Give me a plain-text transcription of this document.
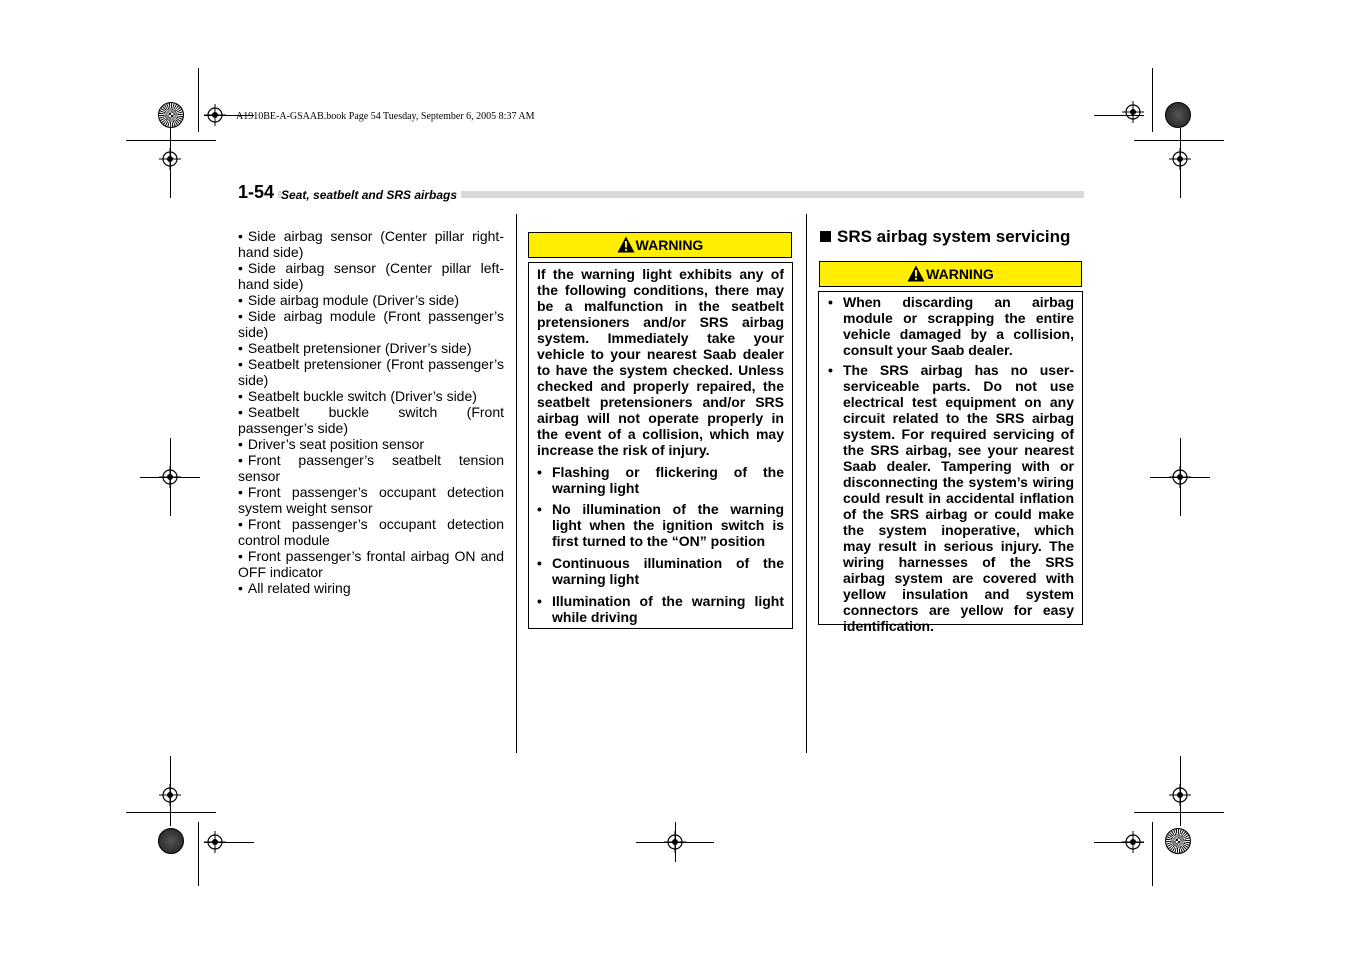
A1910BE-A-GSAAB.book Page 54 Tuesday, September 6, 2005 8:37 AM
1-54 Seat, seatbelt and SRS airbags
• Side airbag sensor (Center pillar right-hand side)
• Side airbag sensor (Center pillar left-hand side)
• Side airbag module (Driver’s side)
• Side airbag module (Front passenger’s side)
• Seatbelt pretensioner (Driver’s side)
• Seatbelt pretensioner (Front passenger’s side)
• Seatbelt buckle switch (Driver’s side)
• Seatbelt buckle switch (Front passenger’s side)
• Driver’s seat position sensor
• Front passenger’s seatbelt tension sensor
• Front passenger’s occupant detection system weight sensor
• Front passenger’s occupant detection control module
• Front passenger’s frontal airbag ON and OFF indicator
• All related wiring
WARNING

If the warning light exhibits any of the following conditions, there may be a malfunction in the seatbelt pretensioners and/or SRS airbag system. Immediately take your vehicle to your nearest Saab dealer to have the system checked. Unless checked and properly repaired, the seatbelt pretensioners and/or SRS airbag will not operate properly in the event of a collision, which may increase the risk of injury.

• Flashing or flickering of the warning light
• No illumination of the warning light when the ignition switch is first turned to the “ON” position
• Continuous illumination of the warning light
• Illumination of the warning light while driving
SRS airbag system servicing
WARNING
• When discarding an airbag module or scrapping the entire vehicle damaged by a collision, consult your Saab dealer.
• The SRS airbag has no user-serviceable parts. Do not use electrical test equipment on any circuit related to the SRS airbag system. For required servicing of the SRS airbag, see your nearest Saab dealer. Tampering with or disconnecting the system’s wiring could result in accidental inflation of the SRS airbag or could make the system inoperative, which may result in serious injury. The wiring harnesses of the SRS airbag system are covered with yellow insulation and system connectors are yellow for easy identification.
